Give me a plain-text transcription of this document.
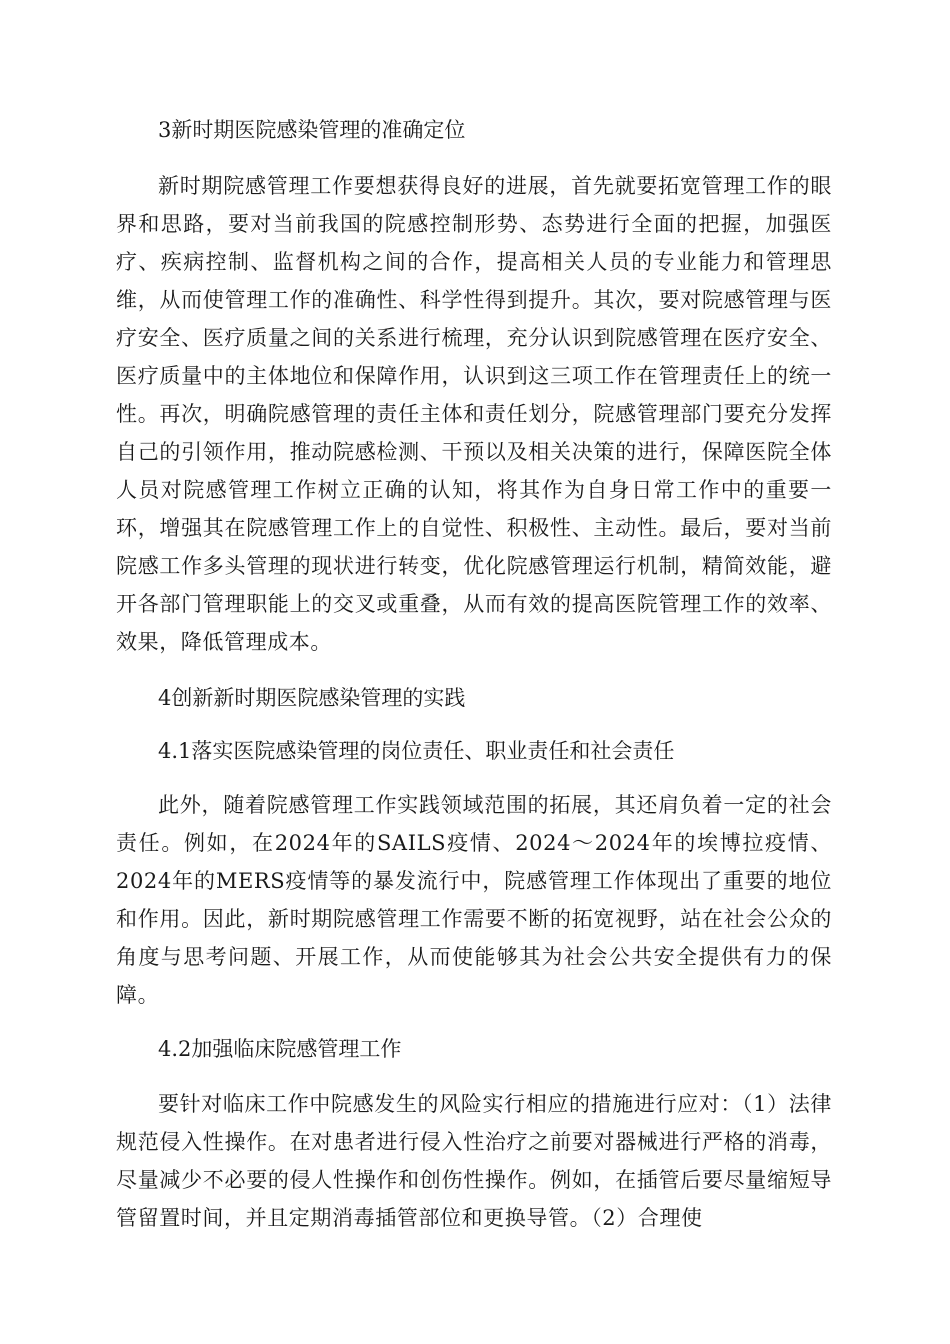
3新时期医院感染管理的准确定位
新时期院感管理工作要想获得良好的进展，首先就要拓宽管理工作的眼界和思路，要对当前我国的院感控制形势、态势进行全面的把握，加强医疗、疾病控制、监督机构之间的合作，提高相关人员的专业能力和管理思维，从而使管理工作的准确性、科学性得到提升。其次，要对院感管理与医疗安全、医疗质量之间的关系进行梳理，充分认识到院感管理在医疗安全、医疗质量中的主体地位和保障作用，认识到这三项工作在管理责任上的统一性。再次，明确院感管理的责任主体和责任划分，院感管理部门要充分发挥自己的引领作用，推动院感检测、干预以及相关决策的进行，保障医院全体人员对院感管理工作树立正确的认知，将其作为自身日常工作中的重要一环，增强其在院感管理工作上的自觉性、积极性、主动性。最后，要对当前院感工作多头管理的现状进行转变，优化院感管理运行机制，精简效能，避开各部门管理职能上的交叉或重叠，从而有效的提高医院管理工作的效率、效果，降低管理成本。
4创新新时期医院感染管理的实践
4.1落实医院感染管理的岗位责任、职业责任和社会责任
此外，随着院感管理工作实践领域范围的拓展，其还肩负着一定的社会责任。例如，在2024年的SAILS疫情、2024～2024年的埃博拉疫情、2024年的MERS疫情等的暴发流行中，院感管理工作体现出了重要的地位和作用。因此，新时期院感管理工作需要不断的拓宽视野，站在社会公众的角度与思考问题、开展工作，从而使能够其为社会公共安全提供有力的保障。
4.2加强临床院感管理工作
要针对临床工作中院感发生的风险实行相应的措施进行应对：（1）法律规范侵入性操作。在对患者进行侵入性治疗之前要对器械进行严格的消毒，尽量减少不必要的侵人性操作和创伤性操作。例如，在插管后要尽量缩短导管留置时间，并且定期消毒插管部位和更换导管。（2）合理使
